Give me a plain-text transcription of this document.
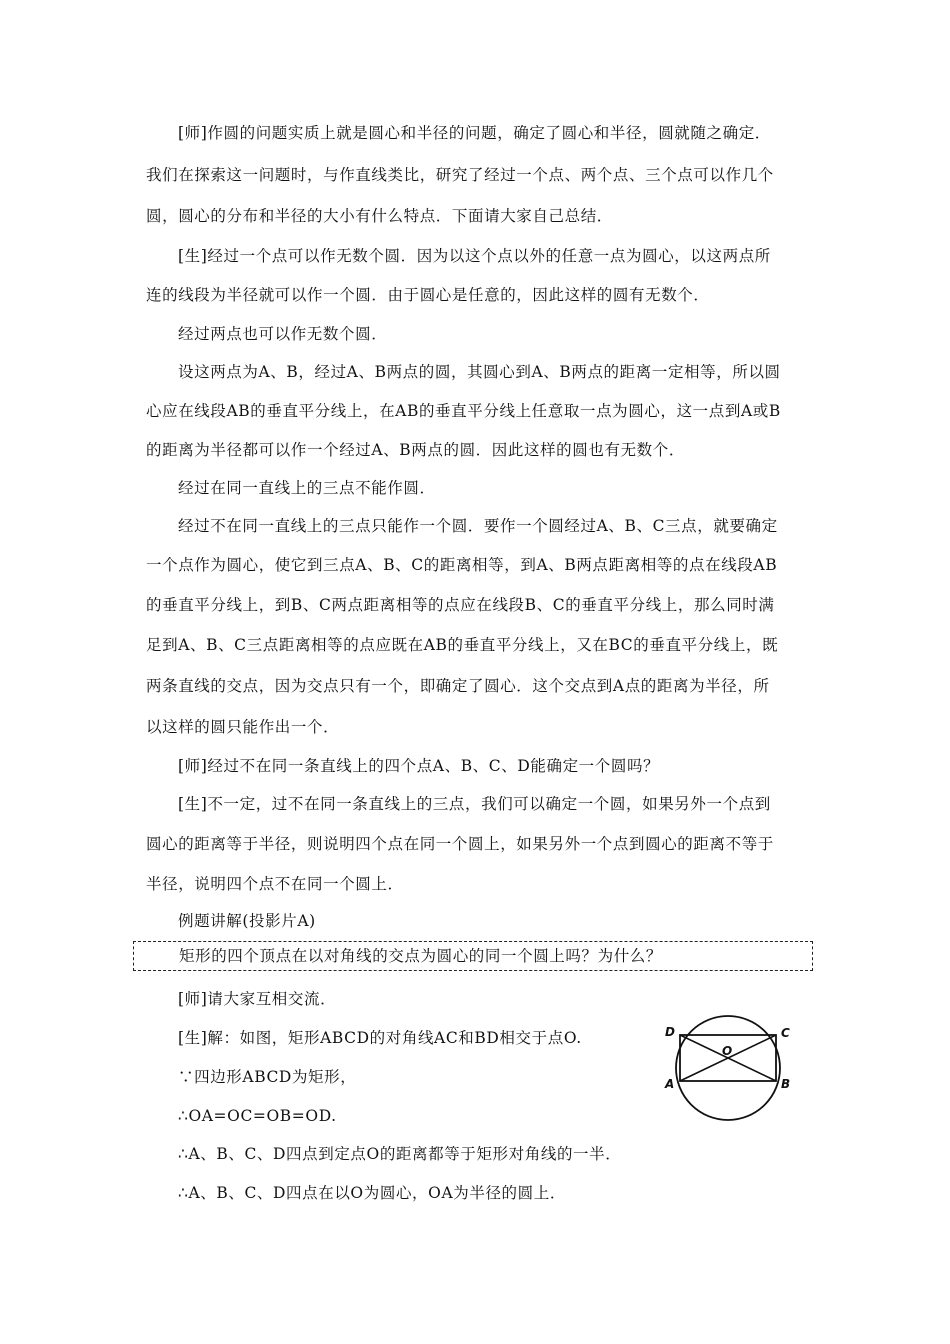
[师]作圆的问题实质上就是圆心和半径的问题，确定了圆心和半径，圆就随之确定．
我们在探索这一问题时，与作直线类比，研究了经过一个点、两个点、三个点可以作几个
圆，圆心的分布和半径的大小有什么特点．下面请大家自己总结．
[生]经过一个点可以作无数个圆．因为以这个点以外的任意一点为圆心，以这两点所
连的线段为半径就可以作一个圆．由于圆心是任意的，因此这样的圆有无数个．
经过两点也可以作无数个圆．
设这两点为A、B，经过A、B两点的圆，其圆心到A、B两点的距离一定相等，所以圆
心应在线段AB的垂直平分线上，在AB的垂直平分线上任意取一点为圆心，这一点到A或B
的距离为半径都可以作一个经过A、B两点的圆．因此这样的圆也有无数个．
经过在同一直线上的三点不能作圆．
经过不在同一直线上的三点只能作一个圆．要作一个圆经过A、B、C三点，就要确定
一个点作为圆心，使它到三点A、B、C的距离相等，到A、B两点距离相等的点在线段AB
的垂直平分线上，到B、C两点距离相等的点应在线段B、C的垂直平分线上，那么同时满
足到A、B、C三点距离相等的点应既在AB的垂直平分线上，又在BC的垂直平分线上，既
两条直线的交点，因为交点只有一个，即确定了圆心．这个交点到A点的距离为半径，所
以这样的圆只能作出一个．
[师]经过不在同一条直线上的四个点A、B、C、D能确定一个圆吗？
[生]不一定，过不在同一条直线上的三点，我们可以确定一个圆，如果另外一个点到
圆心的距离等于半径，则说明四个点在同一个圆上，如果另外一个点到圆心的距离不等于
半径，说明四个点不在同一个圆上．
例题讲解(投影片A)
矩形的四个顶点在以对角线的交点为圆心的同一个圆上吗？为什么？
[师]请大家互相交流．
[生]解：如图，矩形ABCD的对角线AC和BD相交于点O.
∵四边形ABCD为矩形，
∴OA=OC=OB=OD.
∴A、B、C、D四点到定点O的距离都等于矩形对角线的一半．
∴A、B、C、D四点在以O为圆心，OA为半径的圆上．
D	C
A	B
O
